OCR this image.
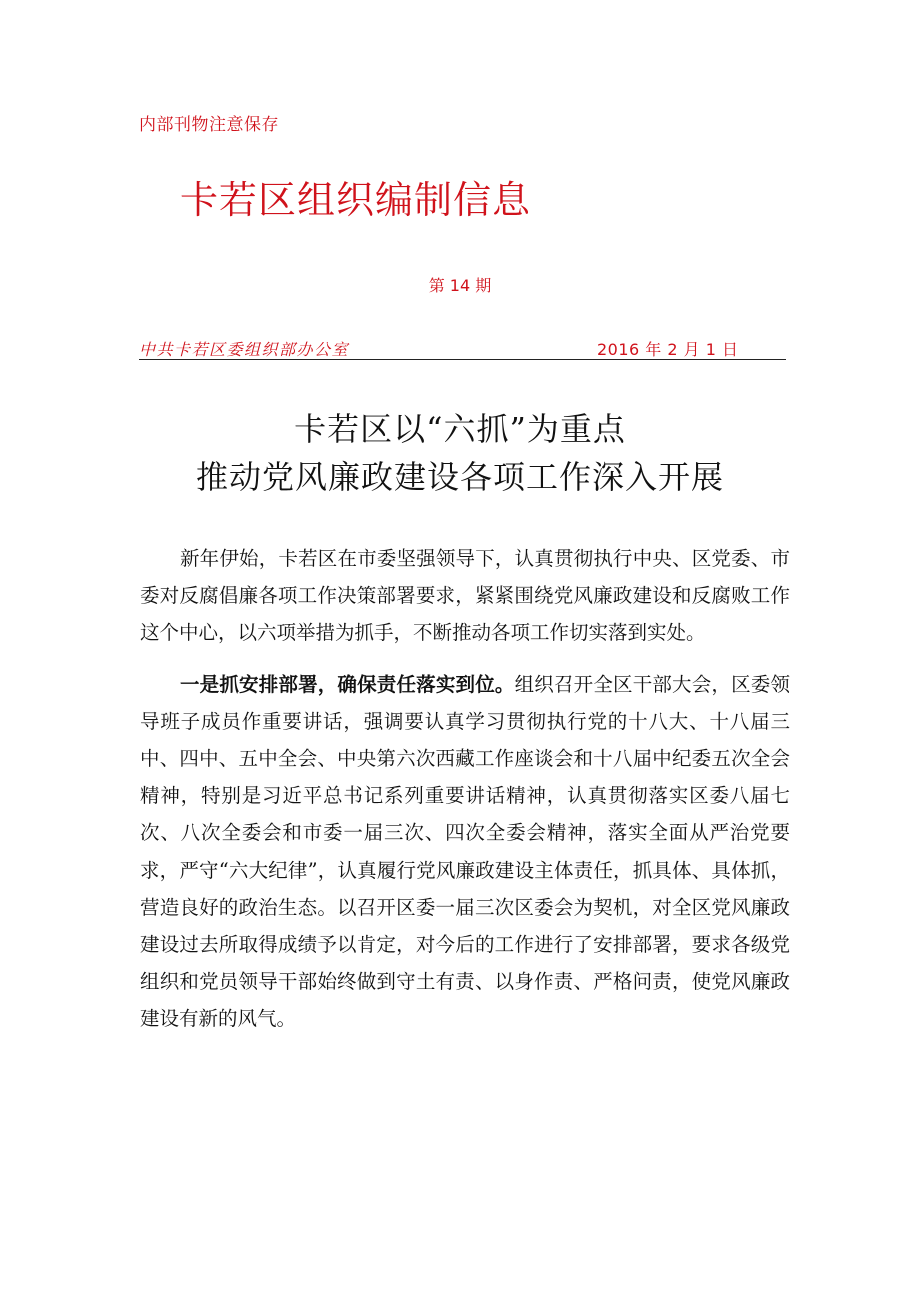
内部刊物注意保存
卡若区组织编制信息
第 14 期
中共卡若区委组织部办公室	2016 年 2 月 1 日
卡若区以“六抓”为重点
推动党风廉政建设各项工作深入开展

新年伊始，卡若区在市委坚强领导下，认真贯彻执行中央、区党委、市委对反腐倡廉各项工作决策部署要求，紧紧围绕党风廉政建设和反腐败工作这个中心，以六项举措为抓手，不断推动各项工作切实落到实处。

一是抓安排部署，确保责任落实到位。组织召开全区干部大会，区委领导班子成员作重要讲话，强调要认真学习贯彻执行党的十八大、十八届三中、四中、五中全会、中央第六次西藏工作座谈会和十八届中纪委五次全会精神，特别是习近平总书记系列重要讲话精神，认真贯彻落实区委八届七次、八次全委会和市委一届三次、四次全委会精神，落实全面从严治党要求，严守“六大纪律”，认真履行党风廉政建设主体责任，抓具体、具体抓，营造良好的政治生态。以召开区委一届三次区委会为契机，对全区党风廉政建设过去所取得成绩予以肯定，对今后的工作进行了安排部署，要求各级党组织和党员领导干部始终做到守土有责、以身作责、严格问责，使党风廉政建设有新的风气。
